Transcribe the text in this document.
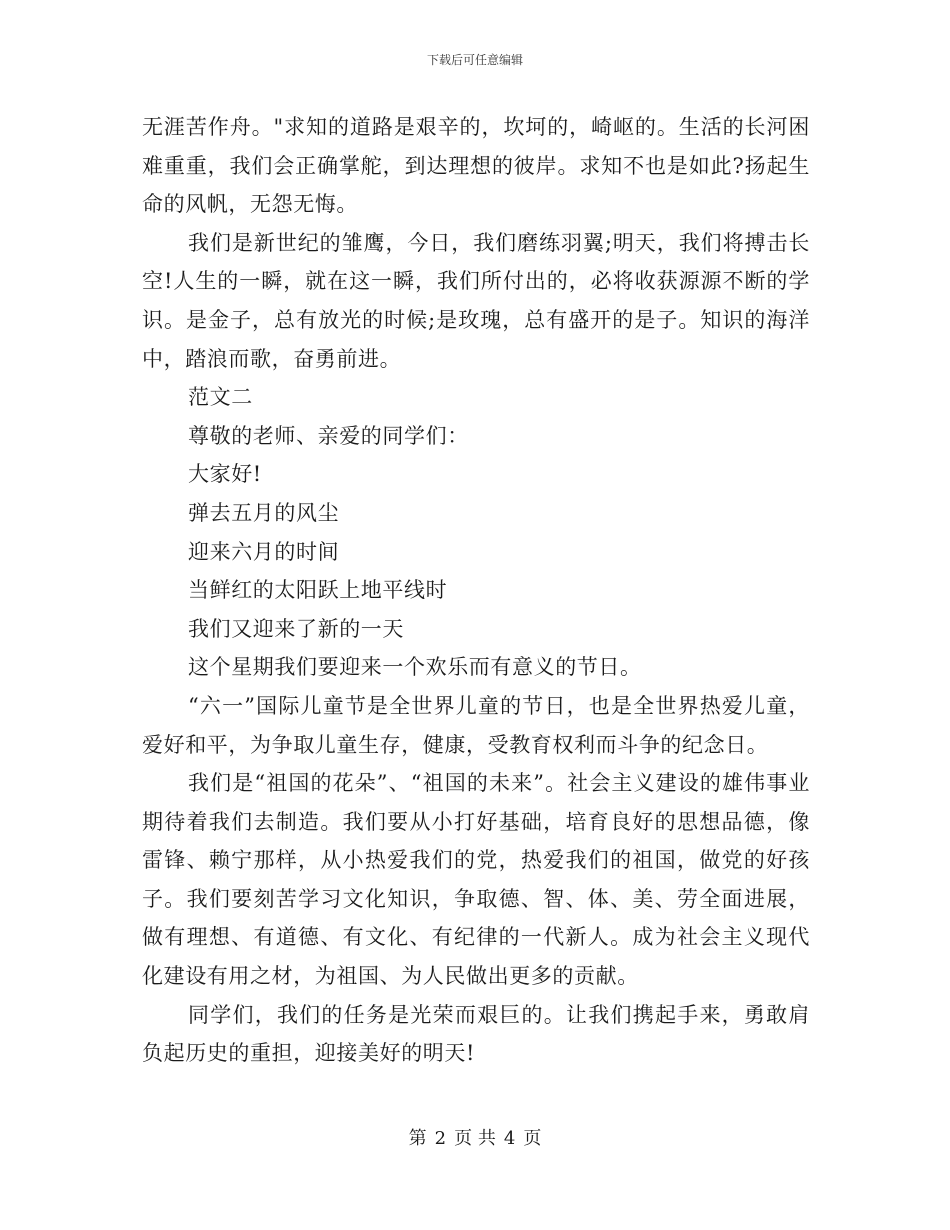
下载后可任意编辑

无涯苦作舟。"求知的道路是艰辛的，坎坷的，崎岖的。生活的长河困难重重，我们会正确掌舵，到达理想的彼岸。求知不也是如此?扬起生命的风帆，无怨无悔。

我们是新世纪的雏鹰，今日，我们磨练羽翼;明天，我们将搏击长空!人生的一瞬，就在这一瞬，我们所付出的，必将收获源源不断的学识。是金子，总有放光的时候;是玫瑰，总有盛开的是子。知识的海洋中，踏浪而歌，奋勇前进。

范文二

尊敬的老师、亲爱的同学们：

大家好!

弹去五月的风尘

迎来六月的时间

当鲜红的太阳跃上地平线时

我们又迎来了新的一天

这个星期我们要迎来一个欢乐而有意义的节日。

“六一”国际儿童节是全世界儿童的节日，也是全世界热爱儿童，爱好和平，为争取儿童生存，健康，受教育权利而斗争的纪念日。

我们是“祖国的花朵”、“祖国的未来”。社会主义建设的雄伟事业期待着我们去制造。我们要从小打好基础，培育良好的思想品德，像雷锋、赖宁那样，从小热爱我们的党，热爱我们的祖国，做党的好孩子。我们要刻苦学习文化知识，争取德、智、体、美、劳全面进展，做有理想、有道德、有文化、有纪律的一代新人。成为社会主义现代化建设有用之材，为祖国、为人民做出更多的贡献。

同学们，我们的任务是光荣而艰巨的。让我们携起手来，勇敢肩负起历史的重担，迎接美好的明天!

第 2 页 共 4 页
